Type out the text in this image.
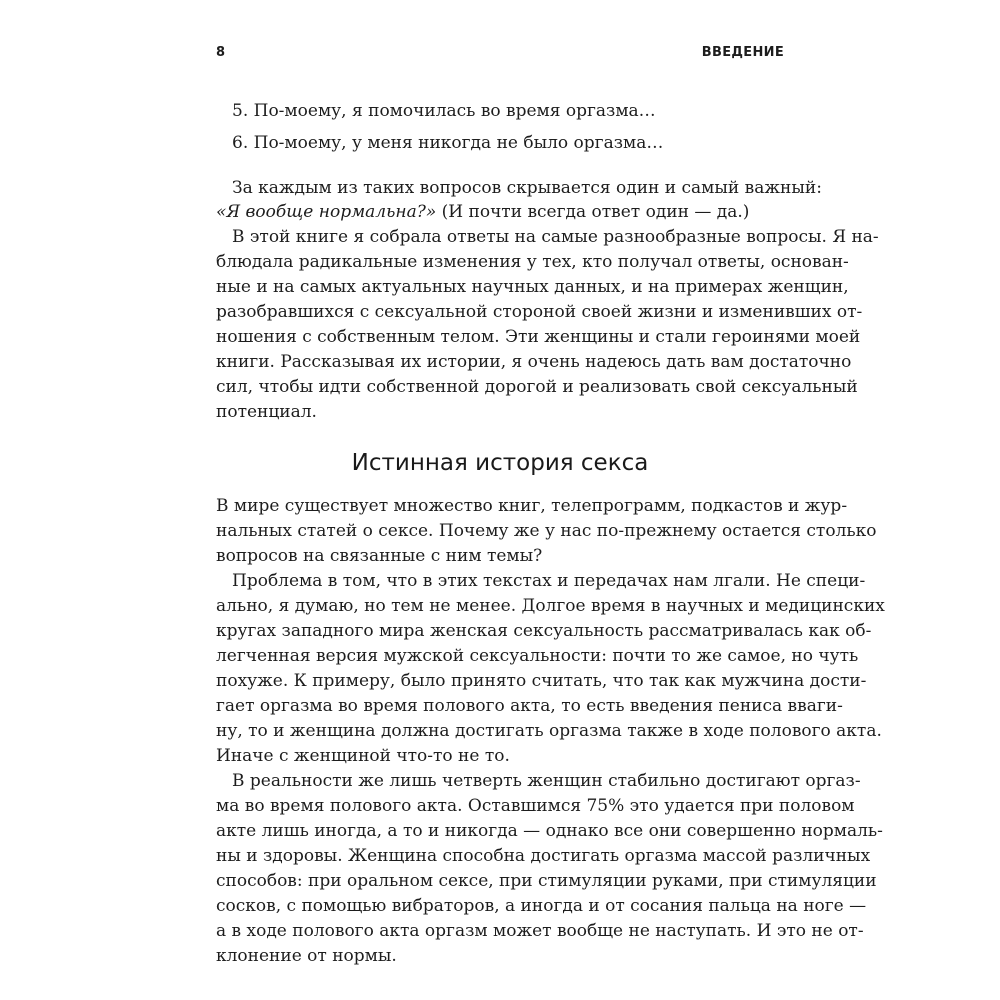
8	ВВЕДЕНИЕ
5. По-моему, я помочилась во время оргазма…
6. По-моему, у меня никогда не было оргазма…
За каждым из таких вопросов скрывается один и самый важный:
«Я вообще нормальна?» (И почти всегда ответ один — да.)
В этой книге я собрала ответы на самые разнообразные вопросы. Я на-
блюдала радикальные изменения у тех, кто получал ответы, основан-
ные и на самых актуальных научных данных, и на примерах женщин,
разобравшихся с сексуальной стороной своей жизни и изменивших от-
ношения с собственным телом. Эти женщины и стали героинями моей
книги. Рассказывая их истории, я очень надеюсь дать вам достаточно
сил, чтобы идти собственной дорогой и реализовать свой сексуальный
потенциал.
Истинная история секса
В мире существует множество книг, телепрограмм, подкастов и жур-
нальных статей о сексе. Почему же у нас по-прежнему остается столько
вопросов на связанные с ним темы?
Проблема в том, что в этих текстах и передачах нам лгали. Не специ-
ально, я думаю, но тем не менее. Долгое время в научных и медицинских
кругах западного мира женская сексуальность рассматривалась как об-
легченная версия мужской сексуальности: почти то же самое, но чуть
похуже. К примеру, было принято считать, что так как мужчина дости-
гает оргазма во время полового акта, то есть введения пениса вваги-
ну, то и женщина должна достигать оргазма также в ходе полового акта.
Иначе с женщиной что-то не то.
В реальности же лишь четверть женщин стабильно достигают оргаз-
ма во время полового акта. Оставшимся 75% это удается при половом
акте лишь иногда, а то и никогда — однако все они совершенно нормаль-
ны и здоровы. Женщина способна достигать оргазма массой различных
способов: при оральном сексе, при стимуляции руками, при стимуляции
сосков, с помощью вибраторов, а иногда и от сосания пальца на ноге —
а в ходе полового акта оргазм может вообще не наступать. И это не от-
клонение от нормы.
